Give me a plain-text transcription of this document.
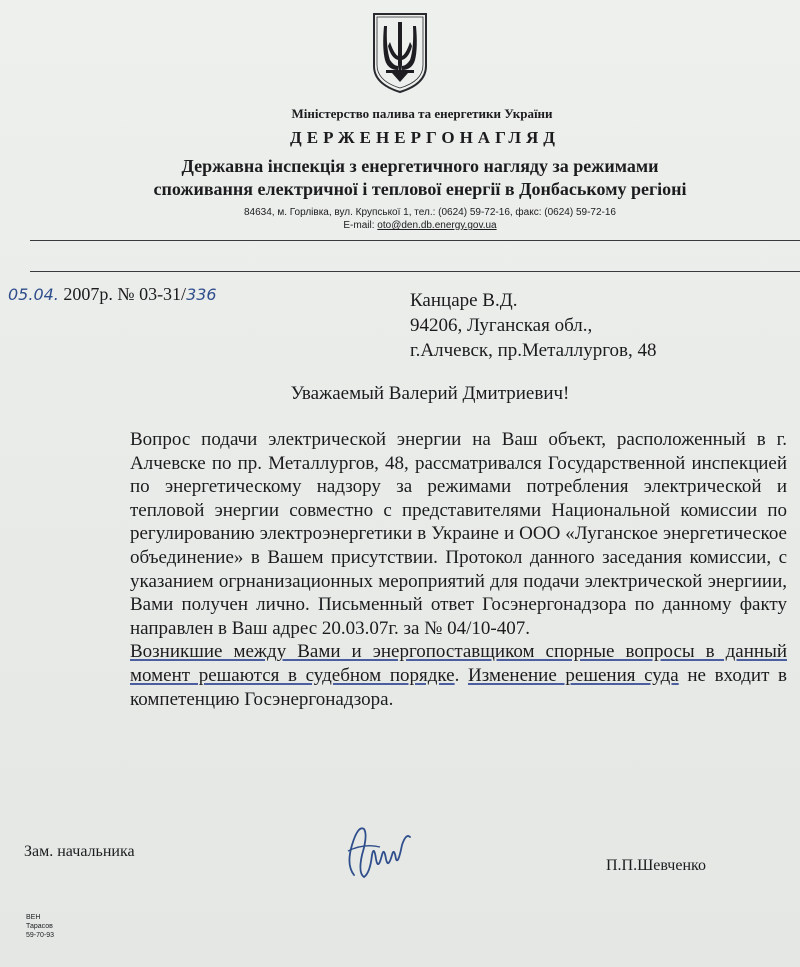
Міністерство палива та енергетики України
ДЕРЖЕНЕРГОНАГЛЯД
Державна інспекція з енергетичного нагляду за режимами
споживання електричної і теплової енергії в Донбаському регіоні
84634, м. Горлівка, вул. Крупської 1, тел.: (0624) 59-72-16, факс: (0624) 59-72-16
E-mail: oto@den.db.energy.gov.ua
05.04. 2007р. № 03-31/336	Канцаре В.Д.
94206, Луганская обл.,
г.Алчевск, пр.Металлургов, 48
Уважаемый Валерий Дмитриевич!

Вопрос подачи электрической энергии на Ваш объект, расположенный в г. Алчевске по пр. Металлургов, 48, рассматривался Государственной инспекцией по энергетическому надзору за режимами потребления электрической и тепловой энергии совместно с представителями Национальной комиссии по регулированию электроэнергетики в Украине и ООО «Луганское энергетическое объединение» в Вашем присутствии. Протокол данного заседания комиссии, с указанием огрнанизационных мероприятий для подачи электрической энергиии, Вами получен лично. Письменный ответ Госэнергонадзора по данному факту направлен в Ваш адрес 20.03.07г. за № 04/10-407.

Возникшие между Вами и энергопоставщиком спорные вопросы в данный момент решаются в судебном порядке. Изменение решения суда не входит в компетенцию Госэнергонадзора.

Зам. начальника
П.П.Шевченко
ВЕН
Тарасов
59-70-93
